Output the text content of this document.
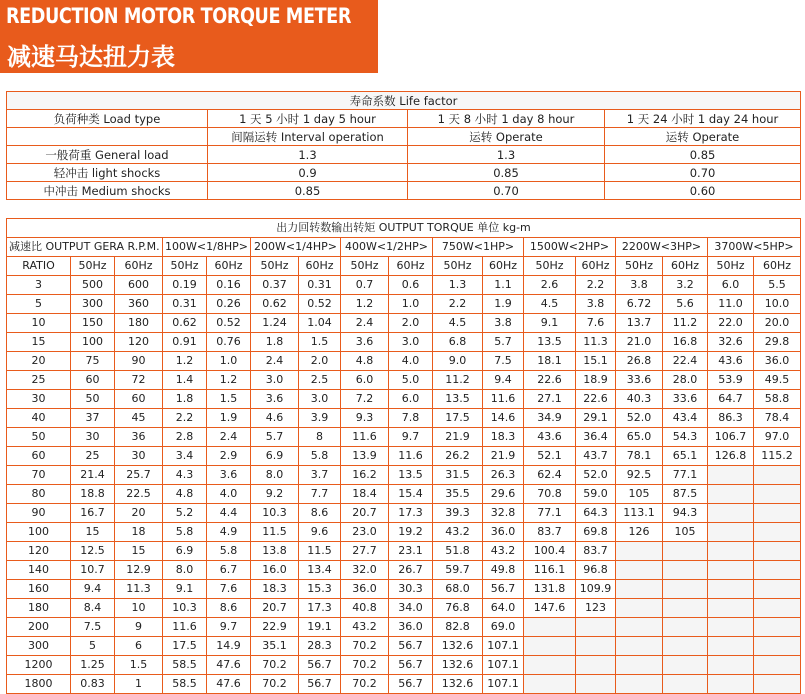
REDUCTION MOTOR TORQUE METER
减速马达扭力表
寿命系数 Life factor			
负荷种类 Load type	1 天 5 小时 1 day 5 hour	1 天 8 小时 1 day 8 hour	1 天 24 小时 1 day 24 hour
	间隔运转 Interval operation	运转 Operate	运转 Operate
一般荷重 General load	1.3	1.3	0.85
轻冲击 light shocks	0.9	0.85	0.70
中冲击 Medium shocks	0.85	0.70	0.60
出力回转数输出转矩 OUTPUT TORQUE 单位 kg-m																
减速比 OUTPUT GERA R.P.M.			100W<1/8HP>		200W<1/4HP>		400W<1/2HP>		750W<1HP>		1500W<2HP>		2200W<3HP>		3700W<5HP>	
RATIO	50Hz	60Hz	50Hz	60Hz	50Hz	60Hz	50Hz	60Hz	50Hz	60Hz	50Hz	60Hz	50Hz	60Hz	50Hz	60Hz
3	500	600	0.19	0.16	0.37	0.31	0.7	0.6	1.3	1.1	2.6	2.2	3.8	3.2	6.0	5.5
5	300	360	0.31	0.26	0.62	0.52	1.2	1.0	2.2	1.9	4.5	3.8	6.72	5.6	11.0	10.0
10	150	180	0.62	0.52	1.24	1.04	2.4	2.0	4.5	3.8	9.1	7.6	13.7	11.2	22.0	20.0
15	100	120	0.91	0.76	1.8	1.5	3.6	3.0	6.8	5.7	13.5	11.3	21.0	16.8	32.6	29.8
20	75	90	1.2	1.0	2.4	2.0	4.8	4.0	9.0	7.5	18.1	15.1	26.8	22.4	43.6	36.0
25	60	72	1.4	1.2	3.0	2.5	6.0	5.0	11.2	9.4	22.6	18.9	33.6	28.0	53.9	49.5
30	50	60	1.8	1.5	3.6	3.0	7.2	6.0	13.5	11.6	27.1	22.6	40.3	33.6	64.7	58.8
40	37	45	2.2	1.9	4.6	3.9	9.3	7.8	17.5	14.6	34.9	29.1	52.0	43.4	86.3	78.4
50	30	36	2.8	2.4	5.7	8	11.6	9.7	21.9	18.3	43.6	36.4	65.0	54.3	106.7	97.0
60	25	30	3.4	2.9	6.9	5.8	13.9	11.6	26.2	21.9	52.1	43.7	78.1	65.1	126.8	115.2
70	21.4	25.7	4.3	3.6	8.0	3.7	16.2	13.5	31.5	26.3	62.4	52.0	92.5	77.1		
80	18.8	22.5	4.8	4.0	9.2	7.7	18.4	15.4	35.5	29.6	70.8	59.0	105	87.5		
90	16.7	20	5.2	4.4	10.3	8.6	20.7	17.3	39.3	32.8	77.1	64.3	113.1	94.3		
100	15	18	5.8	4.9	11.5	9.6	23.0	19.2	43.2	36.0	83.7	69.8	126	105		
120	12.5	15	6.9	5.8	13.8	11.5	27.7	23.1	51.8	43.2	100.4	83.7				
140	10.7	12.9	8.0	6.7	16.0	13.4	32.0	26.7	59.7	49.8	116.1	96.8				
160	9.4	11.3	9.1	7.6	18.3	15.3	36.0	30.3	68.0	56.7	131.8	109.9				
180	8.4	10	10.3	8.6	20.7	17.3	40.8	34.0	76.8	64.0	147.6	123				
200	7.5	9	11.6	9.7	22.9	19.1	43.2	36.0	82.8	69.0						
300	5	6	17.5	14.9	35.1	28.3	70.2	56.7	132.6	107.1						
1200	1.25	1.5	58.5	47.6	70.2	56.7	70.2	56.7	132.6	107.1						
1800	0.83	1	58.5	47.6	70.2	56.7	70.2	56.7	132.6	107.1						
